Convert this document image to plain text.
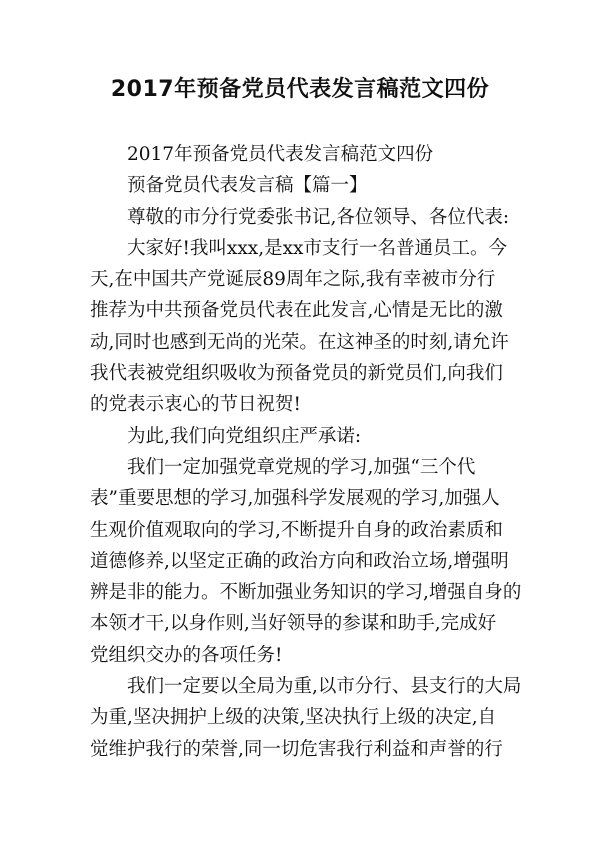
2017年预备党员代表发言稿范文四份
2017年预备党员代表发言稿范文四份
预备党员代表发言稿【篇一】
尊敬的市分行党委张书记,各位领导、各位代表:
大家好!我叫xxx,是xx市支行一名普通员工。今
天,在中国共产党诞辰89周年之际,我有幸被市分行
推荐为中共预备党员代表在此发言,心情是无比的激
动,同时也感到无尚的光荣。在这神圣的时刻,请允许
我代表被党组织吸收为预备党员的新党员们,向我们
的党表示衷心的节日祝贺!
为此,我们向党组织庄严承诺:
我们一定加强党章党规的学习,加强“三个代
表”重要思想的学习,加强科学发展观的学习,加强人
生观价值观取向的学习,不断提升自身的政治素质和
道德修养,以坚定正确的政治方向和政治立场,增强明
辨是非的能力。不断加强业务知识的学习,增强自身的
本领才干,以身作则,当好领导的参谋和助手,完成好
党组织交办的各项任务!
我们一定要以全局为重,以市分行、县支行的大局
为重,坚决拥护上级的决策,坚决执行上级的决定,自
觉维护我行的荣誉,同一切危害我行利益和声誉的行
